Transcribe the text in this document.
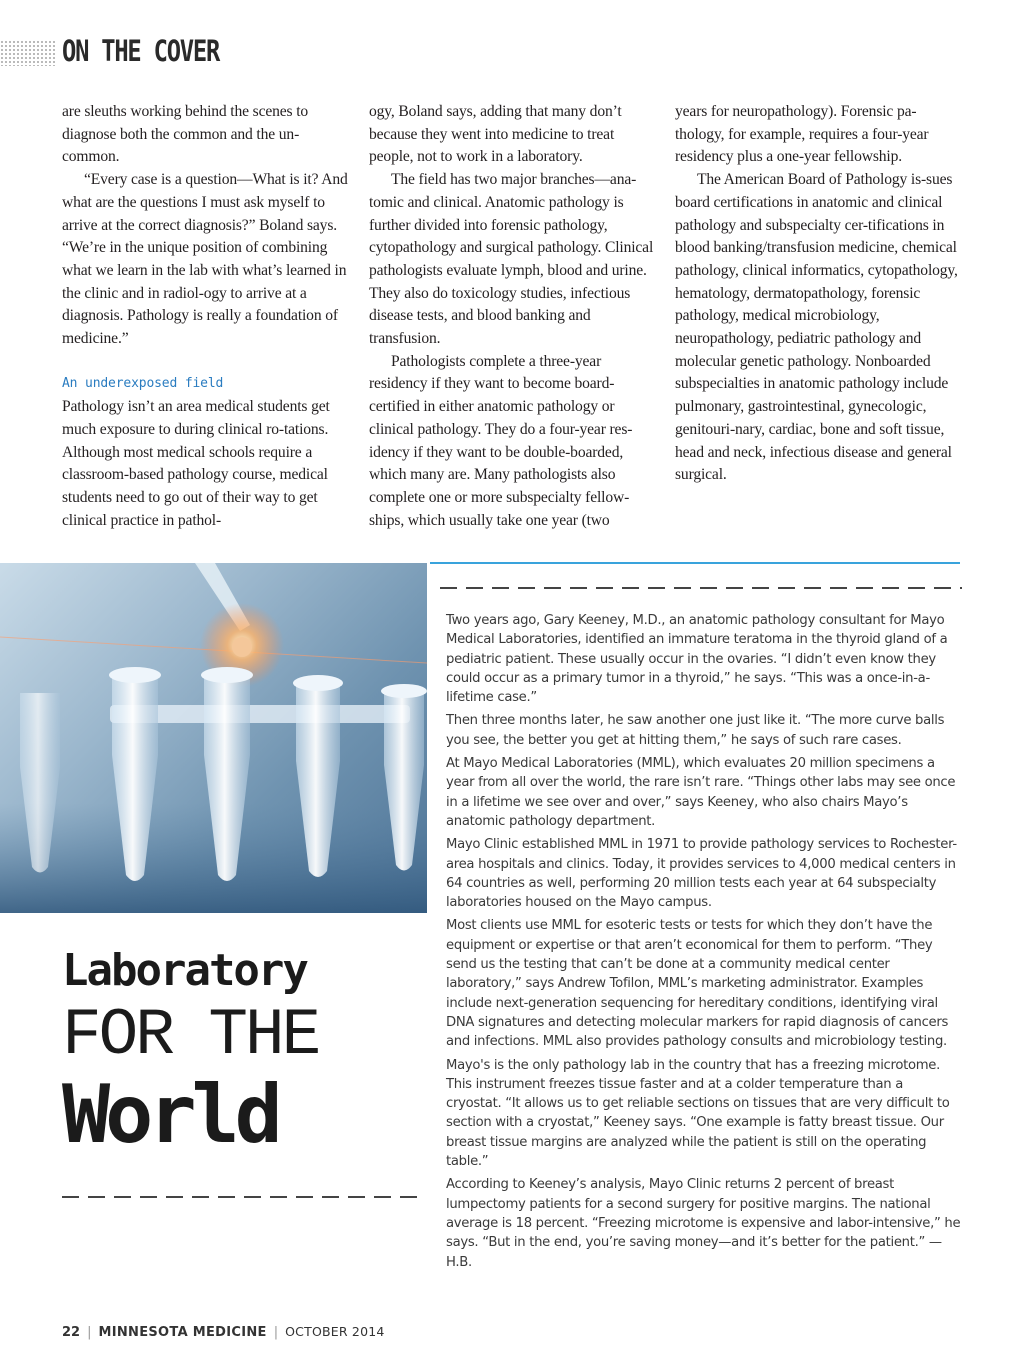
ON THE COVER

are sleuths working behind the scenes to diagnose both the common and the un-common.

“Every case is a question—What is it? And what are the questions I must ask myself to arrive at the correct diagnosis?” Boland says. “We’re in the unique position of combining what we learn in the lab with what’s learned in the clinic and in radiol-ogy to arrive at a diagnosis. Pathology is really a foundation of medicine.”

An underexposed field

Pathology isn’t an area medical students get much exposure to during clinical ro-tations. Although most medical schools require a classroom-based pathology course, medical students need to go out of their way to get clinical practice in pathol-

ogy, Boland says, adding that many don’t because they went into medicine to treat people, not to work in a laboratory.

The field has two major branches—ana-tomic and clinical. Anatomic pathology is further divided into forensic pathology, cytopathology and surgical pathology. Clinical pathologists evaluate lymph, blood and urine. They also do toxicology studies, infectious disease tests, and blood banking and transfusion.

Pathologists complete a three-year residency if they want to become board-certified in either anatomic pathology or clinical pathology. They do a four-year res-idency if they want to be double-boarded, which many are. Many pathologists also complete one or more subspecialty fellow-ships, which usually take one year (two

years for neuropathology). Forensic pa-thology, for example, requires a four-year residency plus a one-year fellowship.

The American Board of Pathology is-sues board certifications in anatomic and clinical pathology and subspecialty cer-tifications in blood banking/transfusion medicine, chemical pathology, clinical informatics, cytopathology, hematology, dermatopathology, forensic pathology, medical microbiology, neuropathology, pediatric pathology and molecular genetic pathology. Nonboarded subspecialties in anatomic pathology include pulmonary, gastrointestinal, gynecologic, genitouri-nary, cardiac, bone and soft tissue, head and neck, infectious disease and general surgical.

Laboratory
FOR THE
World

Two years ago, Gary Keeney, M.D., an anatomic pathology consultant for Mayo Medical Laboratories, identified an immature teratoma in the thyroid gland of a pediatric patient. These usually occur in the ovaries. “I didn’t even know they could occur as a primary tumor in a thyroid,” he says. “This was a once-in-a-lifetime case.”

Then three months later, he saw another one just like it. “The more curve balls you see, the better you get at hitting them,” he says of such rare cases.

At Mayo Medical Laboratories (MML), which evaluates 20 million specimens a year from all over the world, the rare isn’t rare. “Things other labs may see once in a lifetime we see over and over,” says Keeney, who also chairs Mayo’s anatomic pathology department.

Mayo Clinic established MML in 1971 to provide pathology services to Rochester-area hospitals and clinics. Today, it provides services to 4,000 medical centers in 64 countries as well, performing 20 million tests each year at 64 subspecialty laboratories housed on the Mayo campus.

Most clients use MML for esoteric tests or tests for which they don’t have the equipment or expertise or that aren’t economical for them to perform. “They send us the testing that can’t be done at a community medical center laboratory,” says Andrew Tofilon, MML’s marketing administrator. Examples include next-generation sequencing for hereditary conditions, identifying viral DNA signatures and detecting molecular markers for rapid diagnosis of cancers and infections. MML also provides pathology consults and microbiology testing.

Mayo's is the only pathology lab in the country that has a freezing microtome. This instrument freezes tissue faster and at a colder temperature than a cryostat. “It allows us to get reliable sections on tissues that are very difficult to section with a cryostat,” Keeney says. “One example is fatty breast tissue. Our breast tissue margins are analyzed while the patient is still on the operating table.”

According to Keeney’s analysis, Mayo Clinic returns 2 percent of breast lumpectomy patients for a second surgery for positive margins. The national average is 18 percent. “Freezing microtome is expensive and labor-intensive,” he says. “But in the end, you’re saving money—and it’s better for the patient.” —H.B.

22 | MINNESOTA MEDICINE | OCTOBER 2014
